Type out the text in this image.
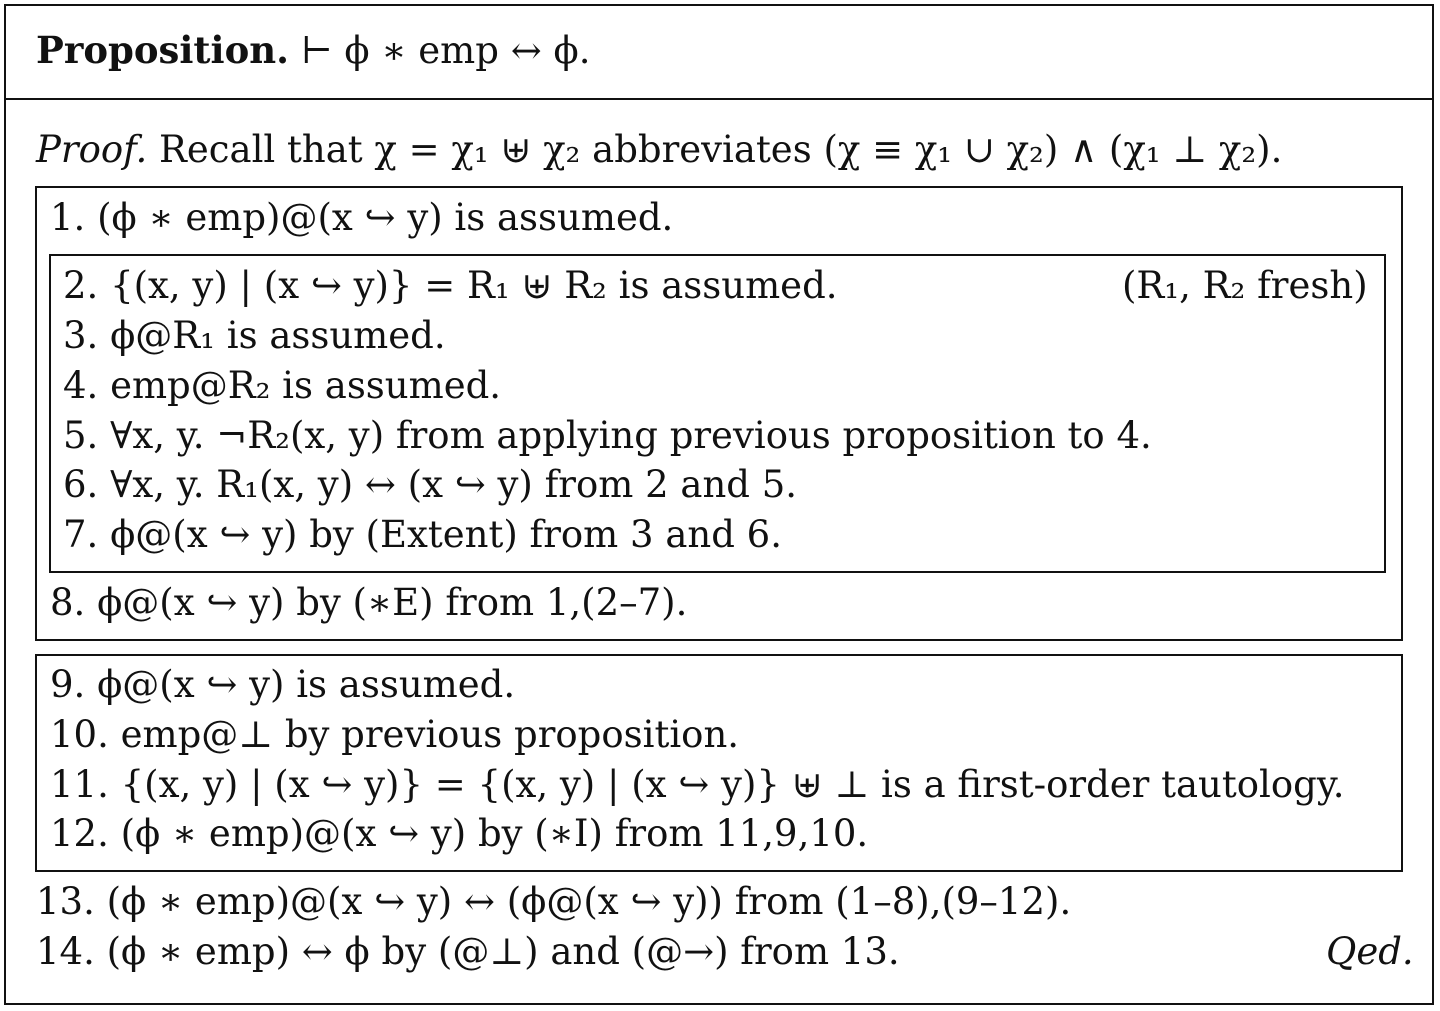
Proposition. ⊢ ϕ ∗ emp ↔ ϕ.
Proof. Recall that χ = χ₁ ⊎ χ₂ abbreviates (χ ≡ χ₁ ∪ χ₂) ∧ (χ₁ ⊥ χ₂).
1. (ϕ ∗ emp)@(x ↪ y) is assumed.
2. {(x, y) | (x ↪ y)} = R₁ ⊎ R₂ is assumed.	(R₁, R₂ fresh)
3. ϕ@R₁ is assumed.
4. emp@R₂ is assumed.
5. ∀x, y. ¬R₂(x, y) from applying previous proposition to 4.
6. ∀x, y. R₁(x, y) ↔ (x ↪ y) from 2 and 5.
7. ϕ@(x ↪ y) by (Extent) from 3 and 6.
8. ϕ@(x ↪ y) by (∗E) from 1,(2–7).
9. ϕ@(x ↪ y) is assumed.
10. emp@⊥ by previous proposition.
11. {(x, y) | (x ↪ y)} = {(x, y) | (x ↪ y)} ⊎ ⊥ is a first-order tautology.
12. (ϕ ∗ emp)@(x ↪ y) by (∗I) from 11,9,10.
13. (ϕ ∗ emp)@(x ↪ y) ↔ (ϕ@(x ↪ y)) from (1–8),(9–12).
14. (ϕ ∗ emp) ↔ ϕ by (@⊥) and (@→) from 13.	Qed.
